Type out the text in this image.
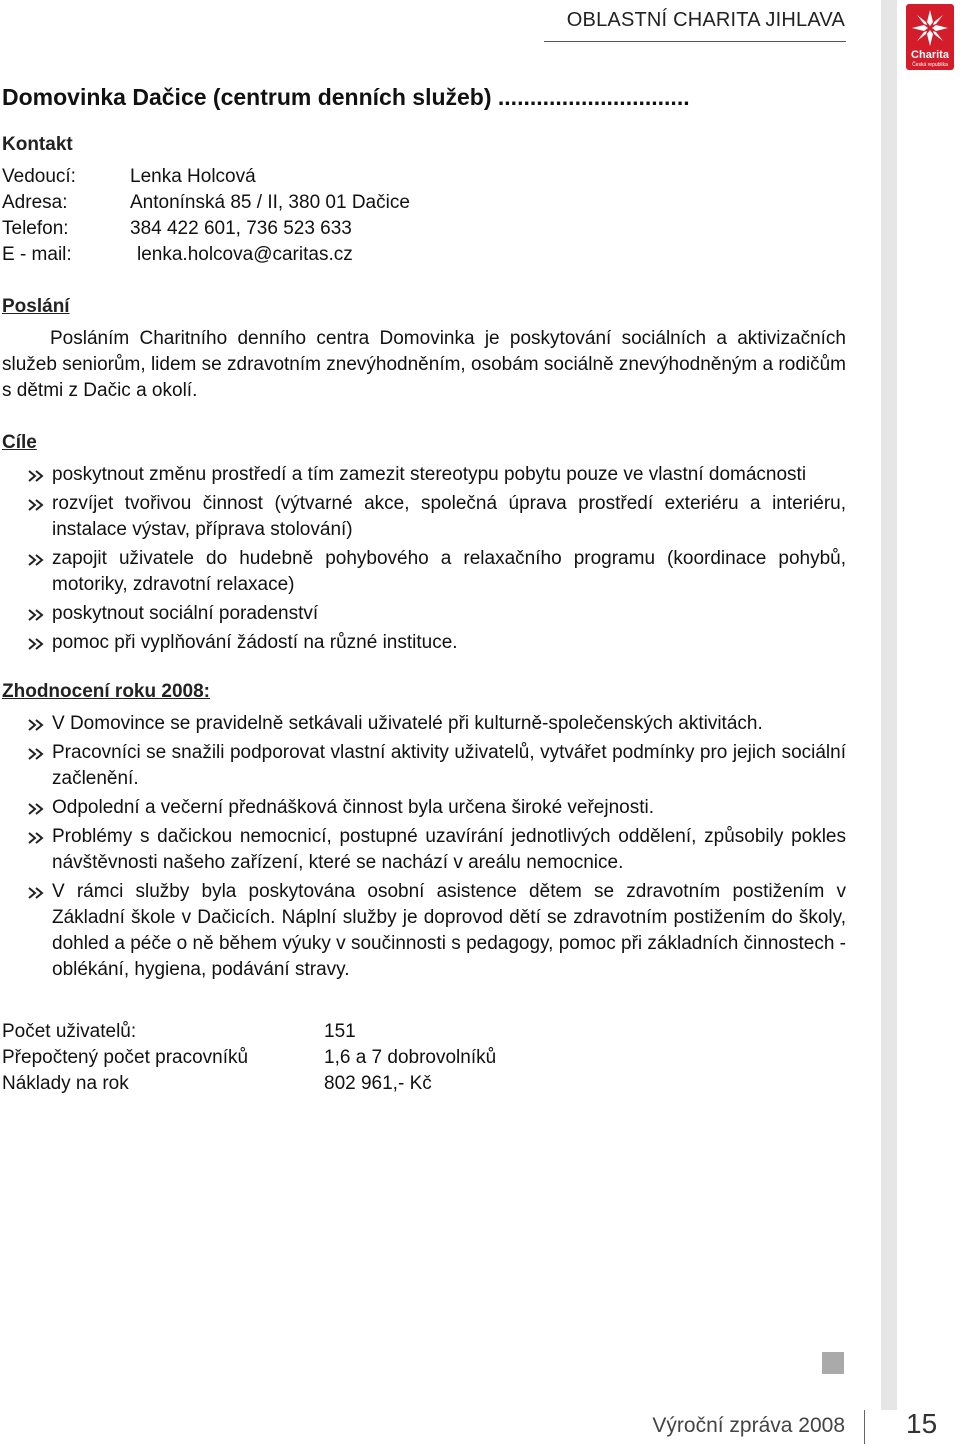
Charita
Česká republika
OBLASTNÍ CHARITA JIHLAVA
Domovinka Dačice (centrum denních služeb) ..............................

Kontakt

Vedoucí:	Lenka Holcová
Adresa:	Antonínská 85 / II, 380 01 Dačice
Telefon:	384 422 601, 736 523 633
E - mail:	lenka.holcova@caritas.cz

Poslání

Posláním Charitního denního centra Domovinka je poskytování sociálních a aktivizačních služeb seniorům, lidem se zdravotním znevýhodněním, osobám sociálně znevýhodněným a rodičům s dětmi z Dačic a okolí.

Cíle

poskytnout změnu prostředí a tím zamezit stereotypu pobytu pouze ve vlastní domácnosti
rozvíjet tvořivou činnost (výtvarné akce, společná úprava prostředí exteriéru a interiéru, instalace výstav, příprava stolování)
zapojit uživatele do hudebně pohybového a relaxačního programu (koordinace pohybů, motoriky, zdravotní relaxace)
poskytnout sociální poradenství
pomoc při vyplňování žádostí na různé instituce.

Zhodnocení roku 2008:

V Domovince se pravidelně setkávali uživatelé při kulturně-společenských aktivitách.
Pracovníci se snažili podporovat vlastní aktivity uživatelů, vytvářet podmínky pro jejich sociální začlenění.
Odpolední a večerní přednášková činnost byla určena široké veřejnosti.
Problémy s dačickou nemocnicí, postupné uzavírání jednotlivých oddělení, způsobily pokles návštěvnosti našeho zařízení, které se nachází v areálu nemocnice.
V rámci služby byla poskytována osobní asistence dětem se zdravotním postižením v Základní škole v Dačicích. Náplní služby je doprovod dětí se zdravotním postižením do školy, dohled a péče o ně během výuky v součinnosti s pedagogy, pomoc při základních činnostech - oblékání, hygiena, podávání stravy.
Počet uživatelů:	151
Přepočtený počet pracovníků	1,6 a 7 dobrovolníků
Náklady na rok	802 961,- Kč
Výroční zpráva 2008 15
